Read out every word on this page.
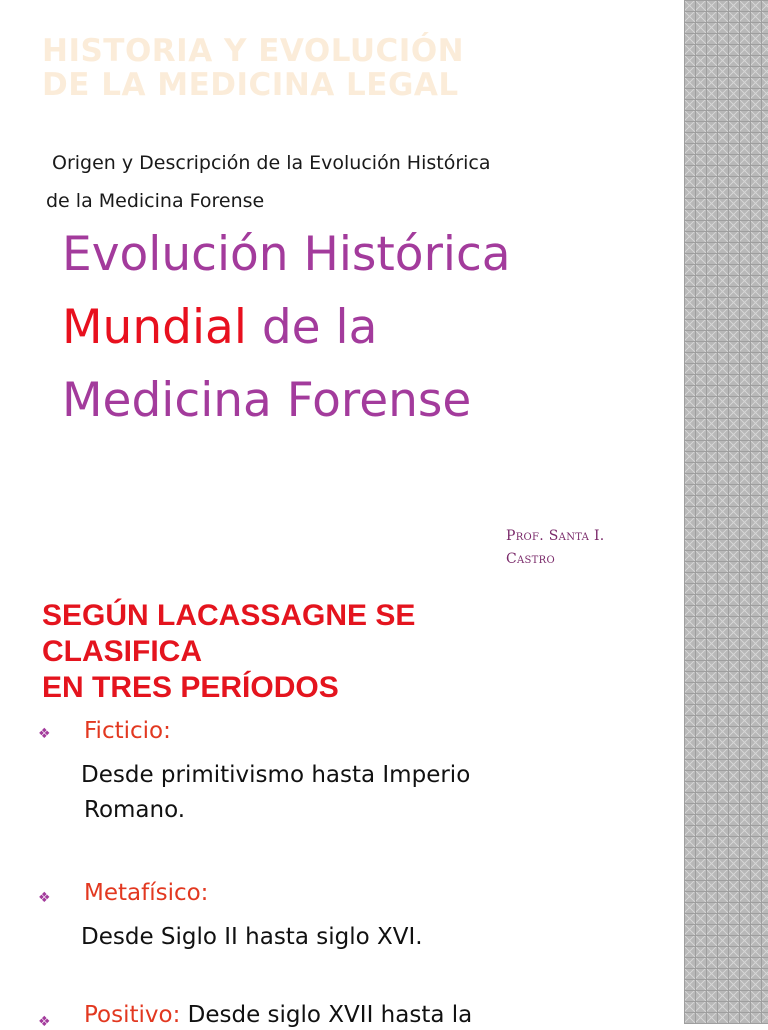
HISTORIA Y EVOLUCIÓN
DE LA MEDICINA LEGAL
Origen y Descripción de la Evolución Histórica
de la Medicina Forense
Evolución Histórica
Mundial de la
Medicina Forense
Prof. Santa I.
Castro
SEGÚN LACASSAGNE SE
CLASIFICA
EN TRES PERÍODOS
❖ Ficticio:
Desde primitivismo hasta Imperio
Romano.
❖ Metafísico:
Desde Siglo II hasta siglo XVI.
❖ Positivo: Desde siglo XVII hasta la
